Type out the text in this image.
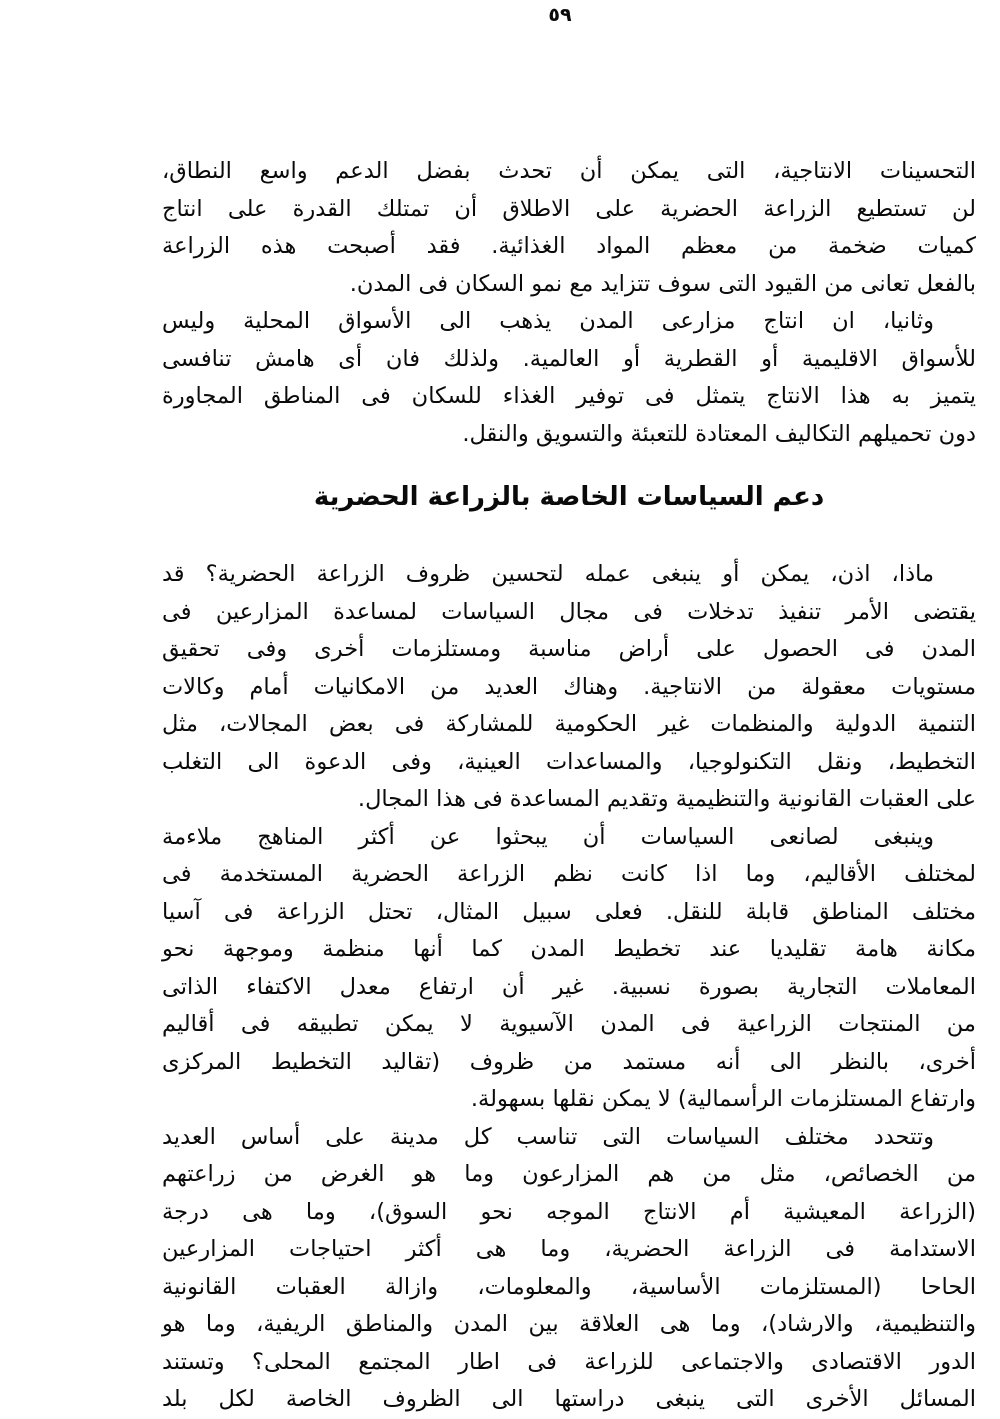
٥٩
التحسينات الانتاجية، التى يمكن أن تحدث بفضل الدعم واسع النطاق،
لن تستطيع الزراعة الحضرية على الاطلاق أن تمتلك القدرة على انتاج
كميات ضخمة من معظم المواد الغذائية. فقد أصبحت هذه الزراعة
بالفعل تعانى من القيود التى سوف تتزايد مع نمو السكان فى المدن.
وثانيا، ان انتاج مزارعى المدن يذهب الى الأسواق المحلية وليس
للأسواق الاقليمية أو القطرية أو العالمية. ولذلك فان أى هامش تنافسى
يتميز به هذا الانتاج يتمثل فى توفير الغذاء للسكان فى المناطق المجاورة
دون تحميلهم التكاليف المعتادة للتعبئة والتسويق والنقل.
دعم السياسات الخاصة بالزراعة الحضرية
ماذا، اذن، يمكن أو ينبغى عمله لتحسين ظروف الزراعة الحضرية؟ قد
يقتضى الأمر تنفيذ تدخلات فى مجال السياسات لمساعدة المزارعين فى
المدن فى الحصول على أراض مناسبة ومستلزمات أخرى وفى تحقيق
مستويات معقولة من الانتاجية. وهناك العديد من الامكانيات أمام وكالات
التنمية الدولية والمنظمات غير الحكومية للمشاركة فى بعض المجالات، مثل
التخطيط، ونقل التكنولوجيا، والمساعدات العينية، وفى الدعوة الى التغلب
على العقبات القانونية والتنظيمية وتقديم المساعدة فى هذا المجال.
وينبغى لصانعى السياسات أن يبحثوا عن أكثر المناهج ملاءمة
لمختلف الأقاليم، وما اذا كانت نظم الزراعة الحضرية المستخدمة فى
مختلف المناطق قابلة للنقل. فعلى سبيل المثال، تحتل الزراعة فى آسيا
مكانة هامة تقليديا عند تخطيط المدن كما أنها منظمة وموجهة نحو
المعاملات التجارية بصورة نسبية. غير أن ارتفاع معدل الاكتفاء الذاتى
من المنتجات الزراعية فى المدن الآسيوية لا يمكن تطبيقه فى أقاليم
أخرى، بالنظر الى أنه مستمد من ظروف (تقاليد التخطيط المركزى
وارتفاع المستلزمات الرأسمالية) لا يمكن نقلها بسهولة.
وتتحدد مختلف السياسات التى تناسب كل مدينة على أساس العديد
من الخصائص، مثل من هم المزارعون وما هو الغرض من زراعتهم
(الزراعة المعيشية أم الانتاج الموجه نحو السوق)، وما هى درجة
الاستدامة فى الزراعة الحضرية، وما هى أكثر احتياجات المزارعين
الحاحا (المستلزمات الأساسية، والمعلومات، وازالة العقبات القانونية
والتنظيمية، والارشاد)، وما هى العلاقة بين المدن والمناطق الريفية، وما هو
الدور الاقتصادى والاجتماعى للزراعة فى اطار المجتمع المحلى؟ وتستند
المسائل الأخرى التى ينبغى دراستها الى الظروف الخاصة لكل بلد
